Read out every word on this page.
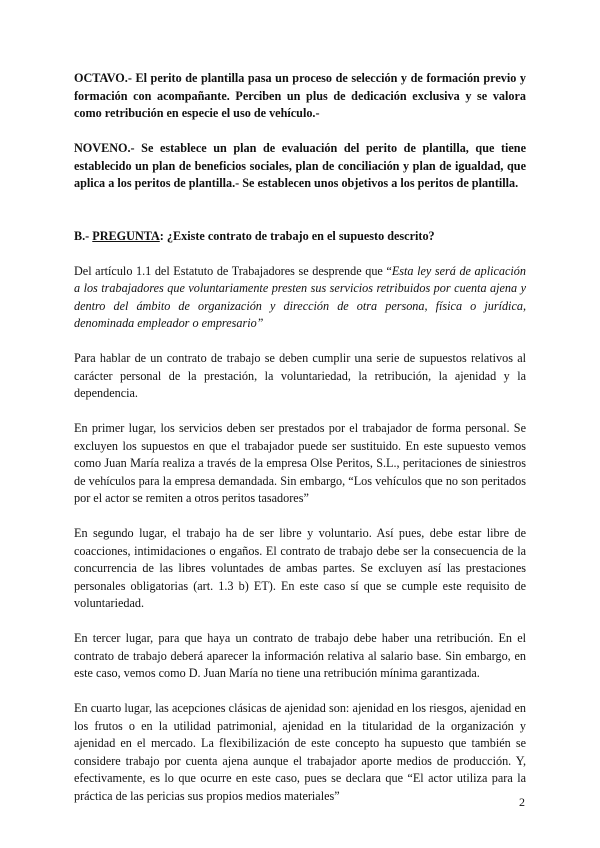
OCTAVO.- El perito de plantilla pasa un proceso de selección y de formación previo y formación con acompañante. Perciben un plus de dedicación exclusiva y se valora como retribución en especie el uso de vehículo.-

NOVENO.- Se establece un plan de evaluación del perito de plantilla, que tiene establecido un plan de beneficios sociales, plan de conciliación y plan de igualdad, que aplica a los peritos de plantilla.- Se establecen unos objetivos a los peritos de plantilla.

B.- PREGUNTA: ¿Existe contrato de trabajo en el supuesto descrito?

Del artículo 1.1 del Estatuto de Trabajadores se desprende que “Esta ley será de aplicación a los trabajadores que voluntariamente presten sus servicios retribuidos por cuenta ajena y dentro del ámbito de organización y dirección de otra persona, física o jurídica, denominada empleador o empresario”

Para hablar de un contrato de trabajo se deben cumplir una serie de supuestos relativos al carácter personal de la prestación, la voluntariedad, la retribución, la ajenidad y la dependencia.

En primer lugar, los servicios deben ser prestados por el trabajador de forma personal. Se excluyen los supuestos en que el trabajador puede ser sustituido. En este supuesto vemos como Juan María realiza a través de la empresa Olse Peritos, S.L., peritaciones de siniestros de vehículos para la empresa demandada. Sin embargo, “Los vehículos que no son peritados por el actor se remiten a otros peritos tasadores”

En segundo lugar, el trabajo ha de ser libre y voluntario. Así pues, debe estar libre de coacciones, intimidaciones o engaños. El contrato de trabajo debe ser la consecuencia de la concurrencia de las libres voluntades de ambas partes. Se excluyen así las prestaciones personales obligatorias (art. 1.3 b) ET). En este caso sí que se cumple este requisito de voluntariedad.

En tercer lugar, para que haya un contrato de trabajo debe haber una retribución. En el contrato de trabajo deberá aparecer la información relativa al salario base. Sin embargo, en este caso, vemos como D. Juan María no tiene una retribución mínima garantizada.

En cuarto lugar, las acepciones clásicas de ajenidad son: ajenidad en los riesgos, ajenidad en los frutos o en la utilidad patrimonial, ajenidad en la titularidad de la organización y ajenidad en el mercado. La flexibilización de este concepto ha supuesto que también se considere trabajo por cuenta ajena aunque el trabajador aporte medios de producción. Y, efectivamente, es lo que ocurre en este caso, pues se declara que “El actor utiliza para la práctica de las pericias sus propios medios materiales”	2
